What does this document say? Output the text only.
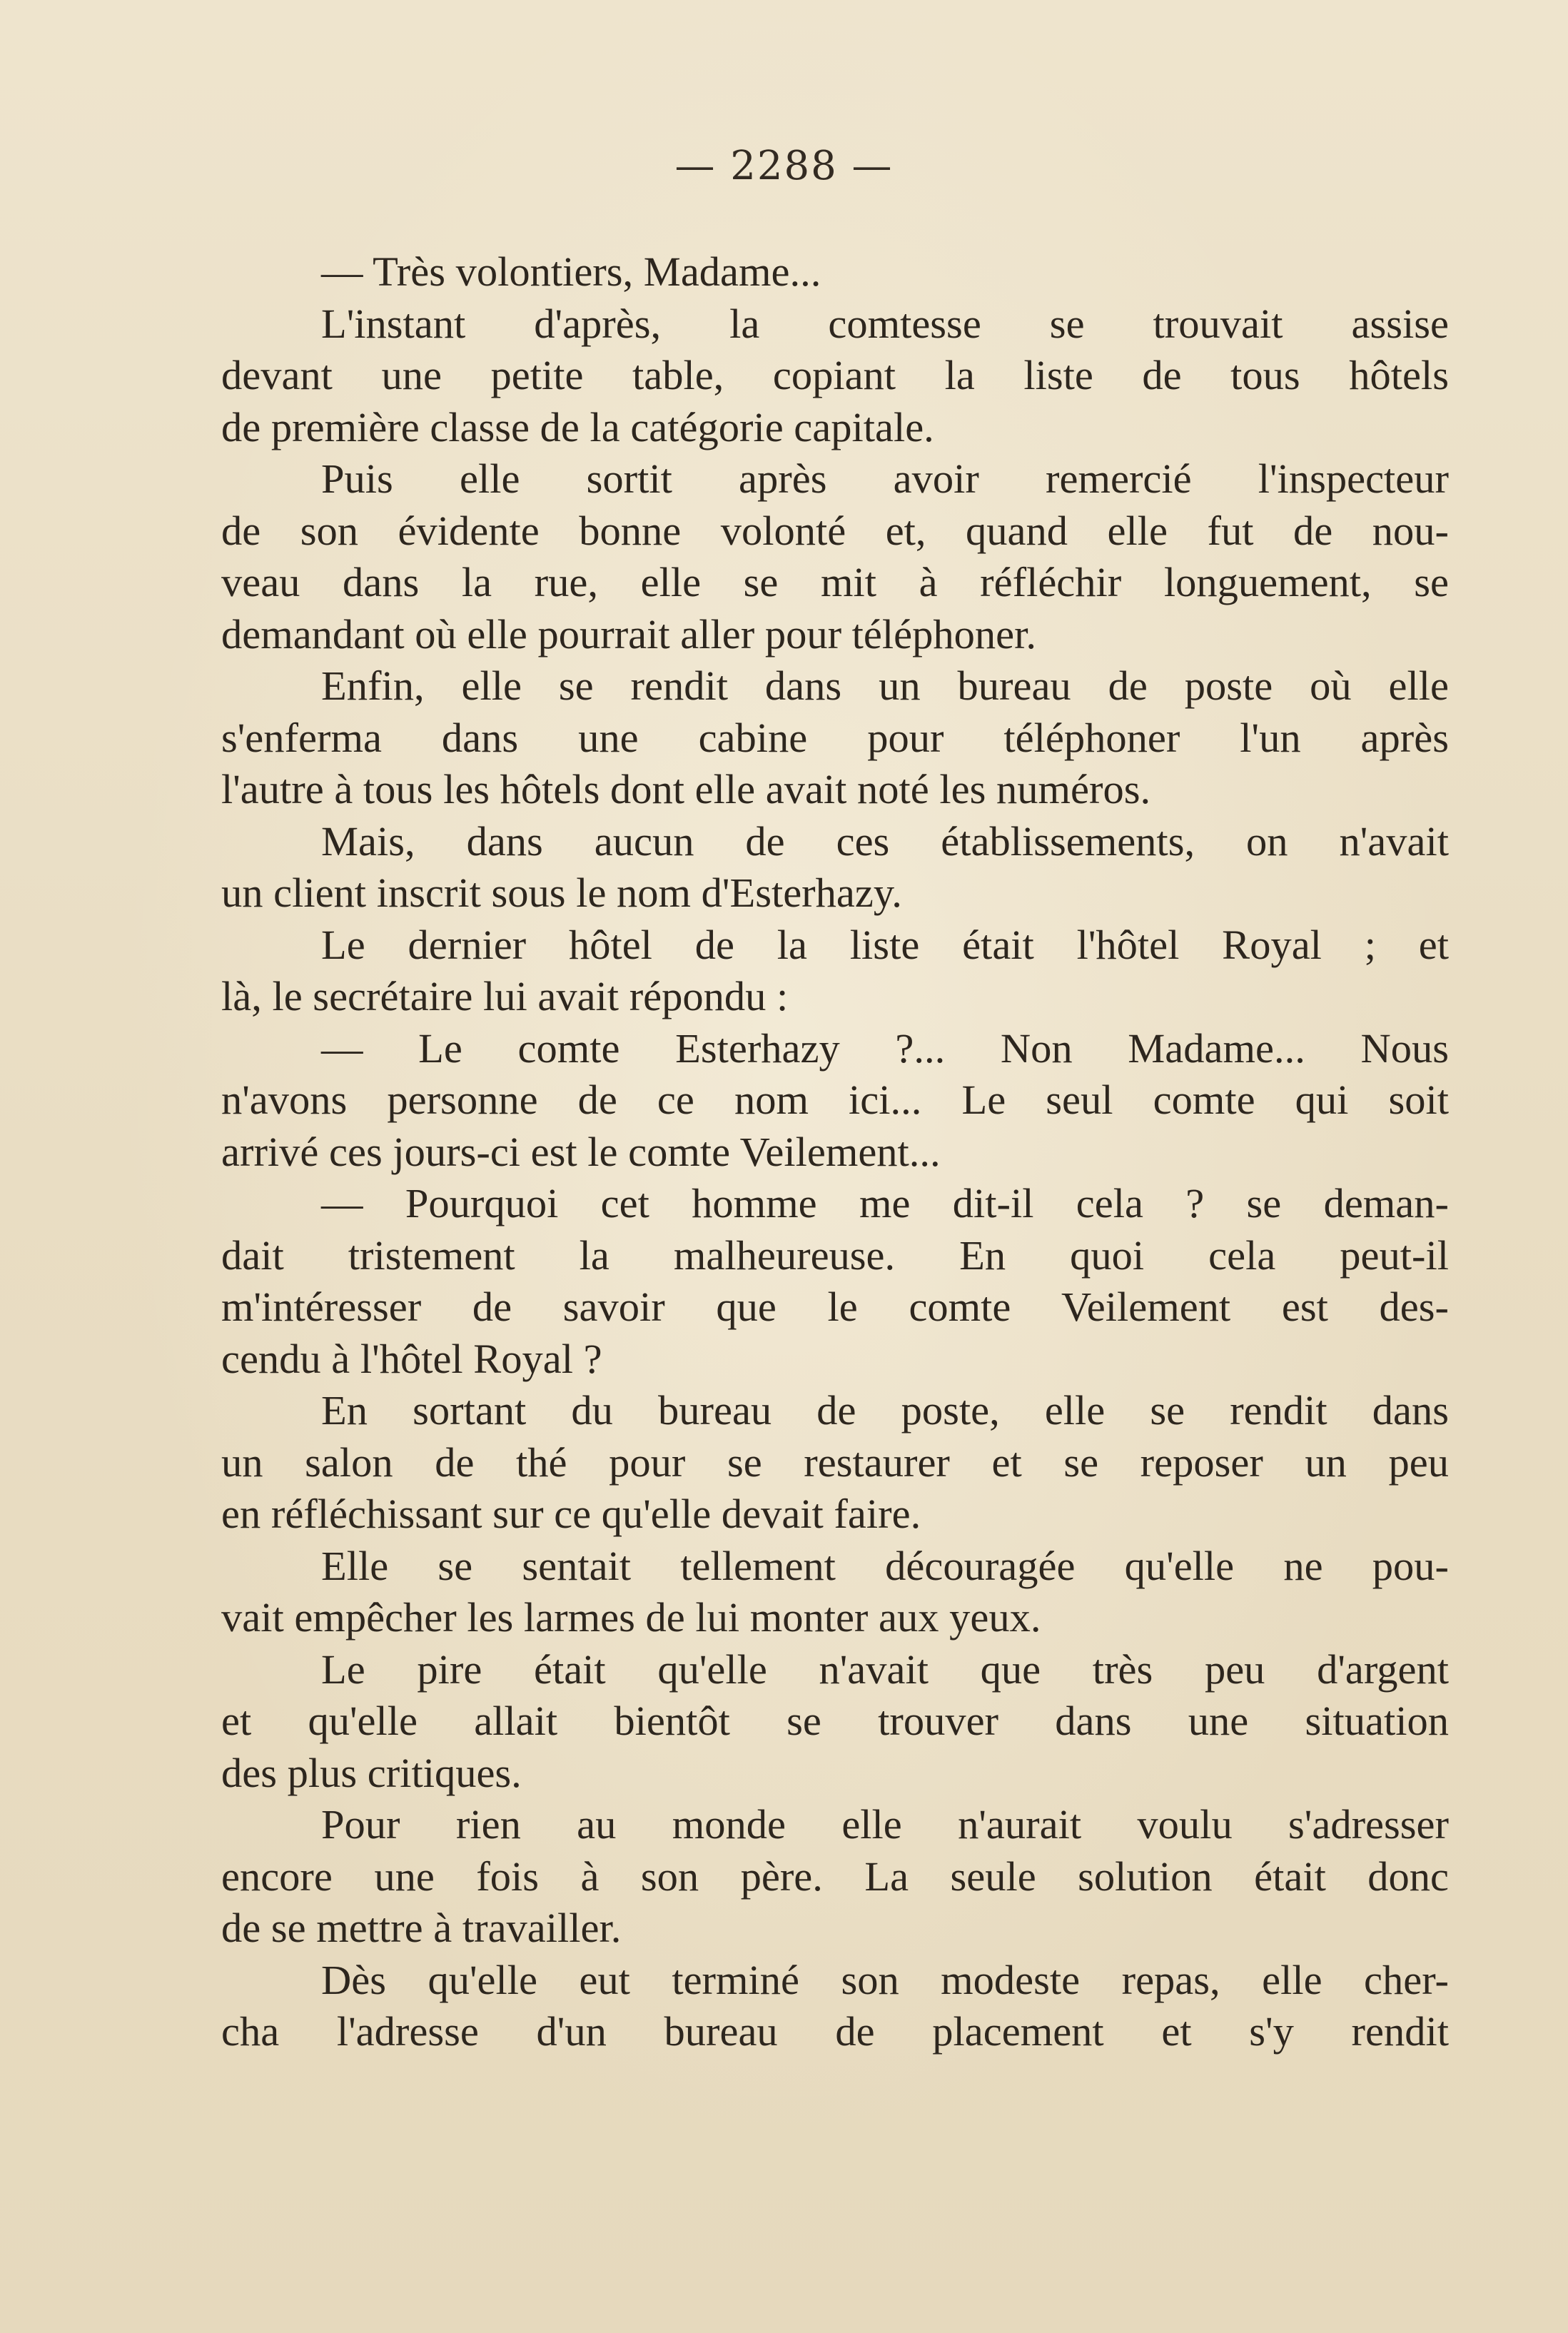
— 2288 —
— Très volontiers, Madame...
L'instant d'après, la comtesse se trouvait assise
devant une petite table, copiant la liste de tous hôtels
de première classe de la catégorie capitale.
Puis elle sortit après avoir remercié l'inspecteur
de son évidente bonne volonté et, quand elle fut de nou-
veau dans la rue, elle se mit à réfléchir longuement, se
demandant où elle pourrait aller pour téléphoner.
Enfin, elle se rendit dans un bureau de poste où elle
s'enferma dans une cabine pour téléphoner l'un après
l'autre à tous les hôtels dont elle avait noté les numéros.
Mais, dans aucun de ces établissements, on n'avait
un client inscrit sous le nom d'Esterhazy.
Le dernier hôtel de la liste était l'hôtel Royal ; et
là, le secrétaire lui avait répondu :
— Le comte Esterhazy ?... Non Madame... Nous
n'avons personne de ce nom ici... Le seul comte qui soit
arrivé ces jours-ci est le comte Veilement...
— Pourquoi cet homme me dit-il cela ? se deman-
dait tristement la malheureuse. En quoi cela peut-il
m'intéresser de savoir que le comte Veilement est des-
cendu à l'hôtel Royal ?
En sortant du bureau de poste, elle se rendit dans
un salon de thé pour se restaurer et se reposer un peu
en réfléchissant sur ce qu'elle devait faire.
Elle se sentait tellement découragée qu'elle ne pou-
vait empêcher les larmes de lui monter aux yeux.
Le pire était qu'elle n'avait que très peu d'argent
et qu'elle allait bientôt se trouver dans une situation
des plus critiques.
Pour rien au monde elle n'aurait voulu s'adresser
encore une fois à son père. La seule solution était donc
de se mettre à travailler.
Dès qu'elle eut terminé son modeste repas, elle cher-
cha l'adresse d'un bureau de placement et s'y rendit
